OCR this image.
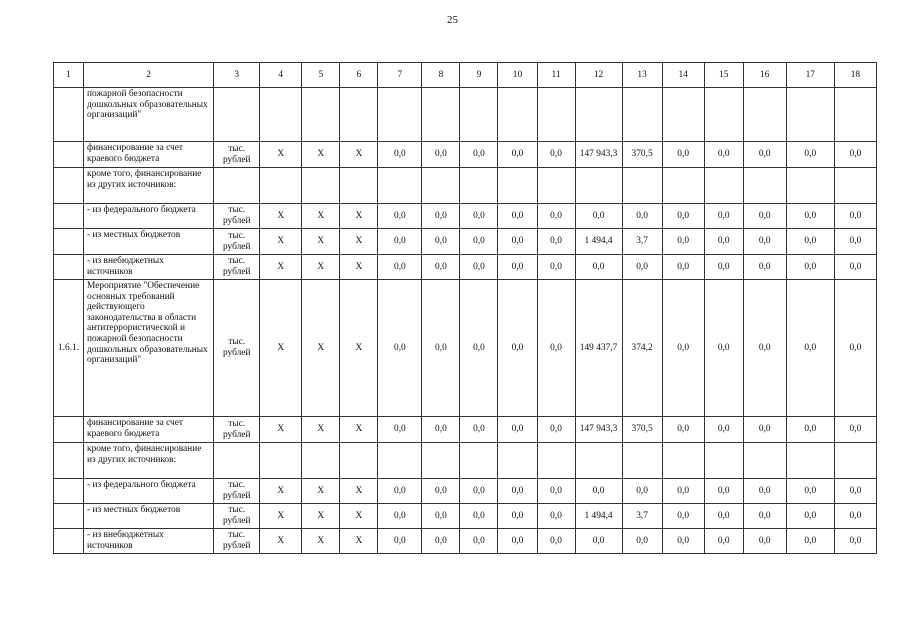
25
1	2	3	4	5	6	7	8	9	10	11	12	13	14	15	16	17	18
	пожарной безопасности дошкольных образовательных организаций"																
	финансирование за счет краевого бюджета	тыс. рублей	Х	Х	Х	0,0	0,0	0,0	0,0	0,0	147 943,3	370,5	0,0	0,0	0,0	0,0	0,0
	кроме того, финансирование из других источников:																
	- из федерального бюджета	тыс. рублей	Х	Х	Х	0,0	0,0	0,0	0,0	0,0	0,0	0,0	0,0	0,0	0,0	0,0	0,0
	- из местных бюджетов	тыс. рублей	Х	Х	Х	0,0	0,0	0,0	0,0	0,0	1 494,4	3,7	0,0	0,0	0,0	0,0	0,0
	- из внебюджетных источников	тыс. рублей	Х	Х	Х	0,0	0,0	0,0	0,0	0,0	0,0	0,0	0,0	0,0	0,0	0,0	0,0
1.6.1.	Мероприятие "Обеспечение основных требований действующего законодательства в области антитеррористической и пожарной безопасности дошкольных образовательных организаций"	тыс. рублей	Х	Х	Х	0,0	0,0	0,0	0,0	0,0	149 437,7	374,2	0,0	0,0	0,0	0,0	0,0
	финансирование за счет краевого бюджета	тыс. рублей	Х	Х	Х	0,0	0,0	0,0	0,0	0,0	147 943,3	370,5	0,0	0,0	0,0	0,0	0,0
	кроме того, финансирование из других источников:																
	- из федерального бюджета	тыс. рублей	Х	Х	Х	0,0	0,0	0,0	0,0	0,0	0,0	0,0	0,0	0,0	0,0	0,0	0,0
	- из местных бюджетов	тыс. рублей	Х	Х	Х	0,0	0,0	0,0	0,0	0,0	1 494,4	3,7	0,0	0,0	0,0	0,0	0,0
	- из внебюджетных источников	тыс. рублей	Х	Х	Х	0,0	0,0	0,0	0,0	0,0	0,0	0,0	0,0	0,0	0,0	0,0	0,0
